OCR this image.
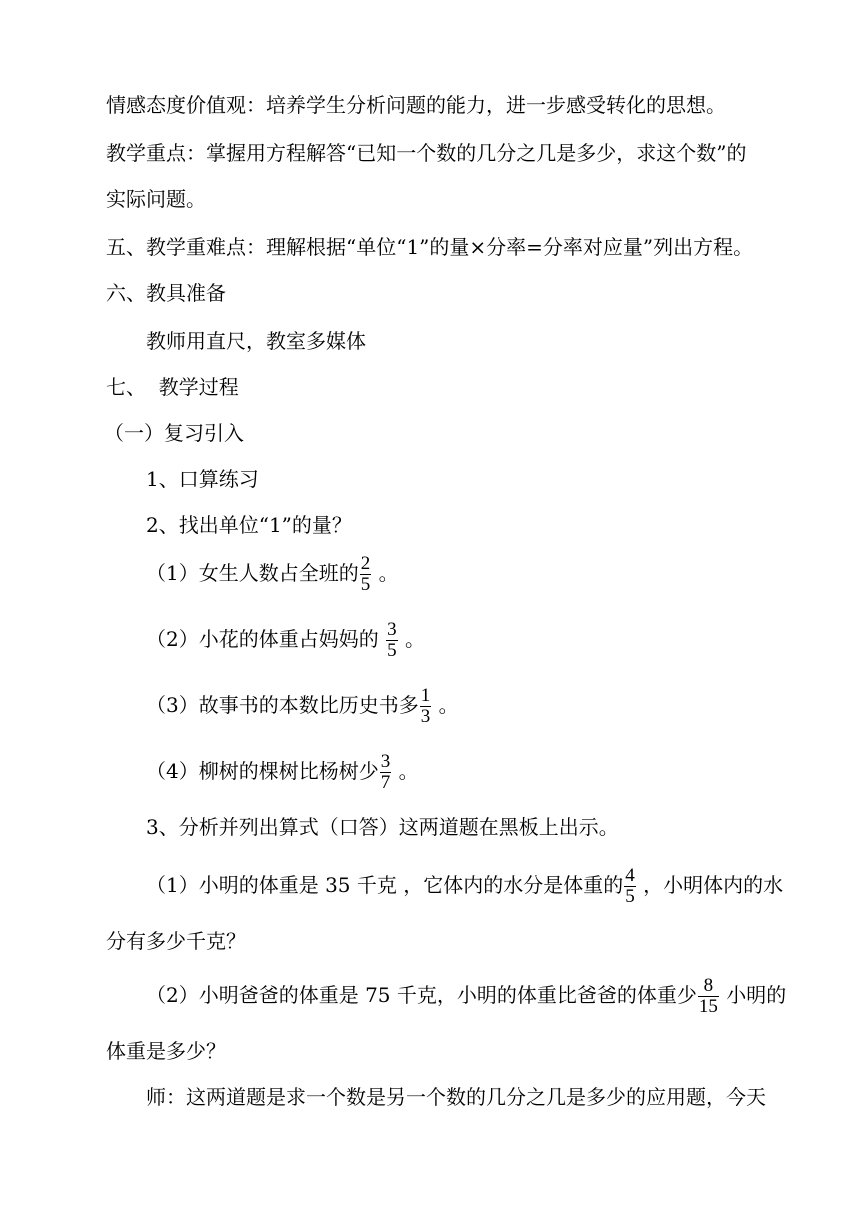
情感态度价值观：培养学生分析问题的能力，进一步感受转化的思想。
教学重点：掌握用方程解答“已知一个数的几分之几是多少，求这个数”的
实际问题。
五、教学重难点：理解根据“单位“1”的量×分率=分率对应量”列出方程。
六、教具准备
教师用直尺，教室多媒体
七、  教学过程
（一）复习引入
1、口算练习
2、找出单位“1”的量？
（1）女生人数占全班的 $\frac{2}{5}$ 。
（2）小花的体重占妈妈的 $\frac{3}{5}$ 。
（3）故事书的本数比历史书多 $\frac{1}{3}$ 。
（4）柳树的棵树比杨树少 $\frac{3}{7}$ 。
3、分析并列出算式（口答）这两道题在黑板上出示。
（1）小明的体重是 35 千克 ，它体内的水分是体重的 $\frac{4}{5}$ ，小明体内的水
分有多少千克？
（2）小明爸爸的体重是 75 千克，小明的体重比爸爸的体重少 $\frac{8}{15}$ 小明的
体重是多少？
师：这两道题是求一个数是另一个数的几分之几是多少的应用题，今天
